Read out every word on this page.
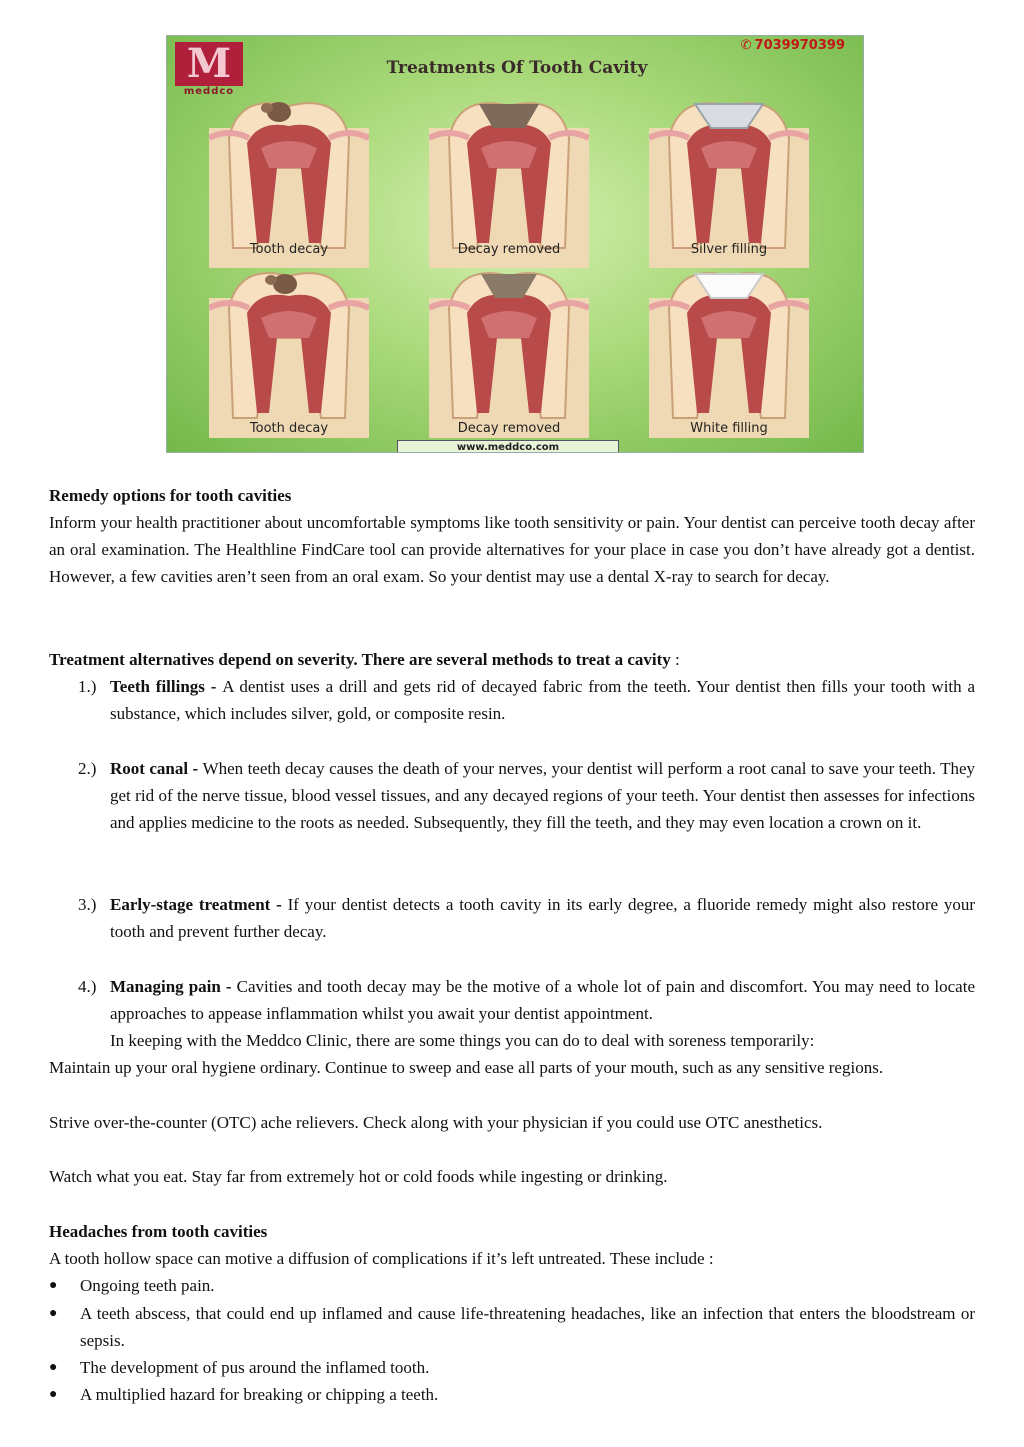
M
meddco
✆ 7039970399
Treatments Of Tooth Cavity
Tooth decay	Decay removed	Silver filling
Tooth decay	Decay removed	White filling
www.meddco.com
Remedy options for tooth cavities
Inform your health practitioner about uncomfortable symptoms like tooth sensitivity or pain. Your dentist can perceive tooth decay after an oral examination. The Healthline FindCare tool can provide alternatives for your place in case you don’t have already got a dentist. However, a few cavities aren’t seen from an oral exam. So your dentist may use a dental X-ray to search for decay.
Treatment alternatives depend on severity. There are several methods to treat a cavity :
1.) Teeth fillings - A dentist uses a drill and gets rid of decayed fabric from the teeth. Your dentist then fills your tooth with a substance, which includes silver, gold, or composite resin.
2.) Root canal - When teeth decay causes the death of your nerves, your dentist will perform a root canal to save your teeth. They get rid of the nerve tissue, blood vessel tissues, and any decayed regions of your teeth. Your dentist then assesses for infections and applies medicine to the roots as needed. Subsequently, they fill the teeth, and they may even location a crown on it.
3.) Early-stage treatment - If your dentist detects a tooth cavity in its early degree, a fluoride remedy might also restore your tooth and prevent further decay.
4.) Managing pain - Cavities and tooth decay may be the motive of a whole lot of pain and discomfort. You may need to locate approaches to appease inflammation whilst you await your dentist appointment.
In keeping with the Meddco Clinic, there are some things you can do to deal with soreness temporarily:
Maintain up your oral hygiene ordinary. Continue to sweep and ease all parts of your mouth, such as any sensitive regions.
Strive over-the-counter (OTC) ache relievers. Check along with your physician if you could use OTC anesthetics.
Watch what you eat. Stay far from extremely hot or cold foods while ingesting or drinking.
Headaches from tooth cavities
A tooth hollow space can motive a diffusion of complications if it’s left untreated. These include :
● Ongoing teeth pain.
● A teeth abscess, that could end up inflamed and cause life-threatening headaches, like an infection that enters the bloodstream or sepsis.
● The development of pus around the inflamed tooth.
● A multiplied hazard for breaking or chipping a teeth.
